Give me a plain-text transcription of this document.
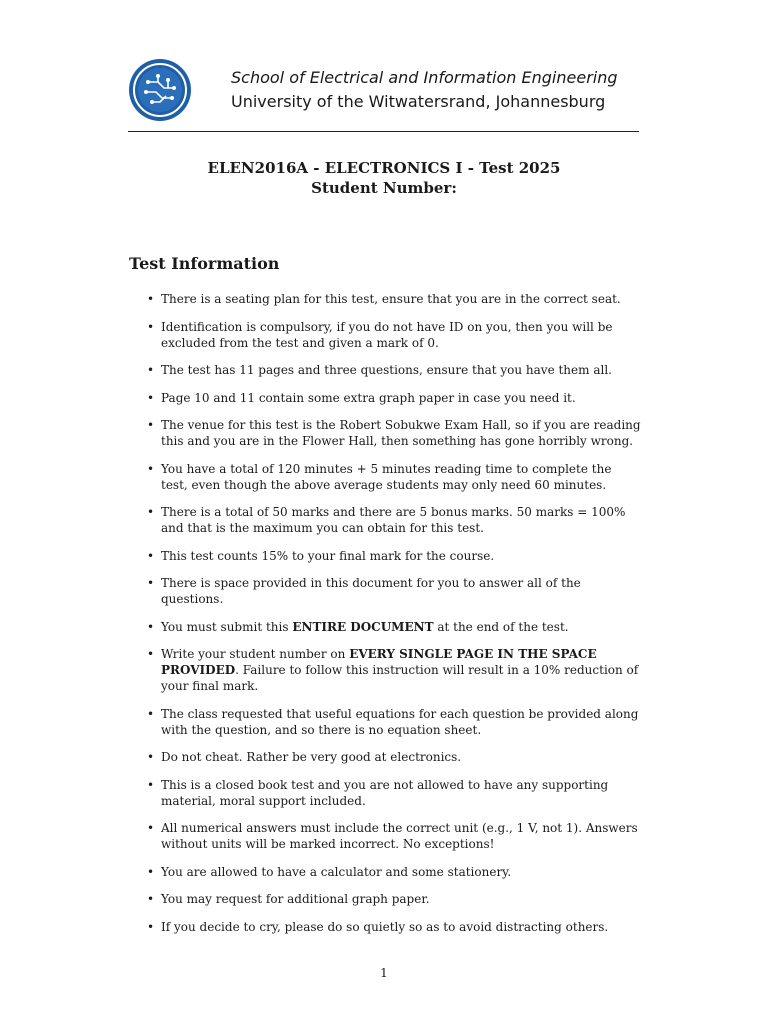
School of Electrical and Information Engineering
University of the Witwatersrand, Johannesburg
ELEN2016A - ELECTRONICS I - Test 2025
Student Number:
Test Information
• There is a seating plan for this test, ensure that you are in the correct seat.
• Identification is compulsory, if you do not have ID on you, then you will be excluded from the test and given a mark of 0.
• The test has 11 pages and three questions, ensure that you have them all.
• Page 10 and 11 contain some extra graph paper in case you need it.
• The venue for this test is the Robert Sobukwe Exam Hall, so if you are reading this and you are in the Flower Hall, then something has gone horribly wrong.
• You have a total of 120 minutes + 5 minutes reading time to complete the test, even though the above average students may only need 60 minutes.
• There is a total of 50 marks and there are 5 bonus marks. 50 marks = 100% and that is the maximum you can obtain for this test.
• This test counts 15% to your final mark for the course.
• There is space provided in this document for you to answer all of the questions.
• You must submit this ENTIRE DOCUMENT at the end of the test.
• Write your student number on EVERY SINGLE PAGE IN THE SPACE PROVIDED. Failure to follow this instruction will result in a 10% reduction of your final mark.
• The class requested that useful equations for each question be provided along with the question, and so there is no equation sheet.
• Do not cheat. Rather be very good at electronics.
• This is a closed book test and you are not allowed to have any supporting material, moral support included.
• All numerical answers must include the correct unit (e.g., 1 V, not 1). Answers without units will be marked incorrect. No exceptions!
• You are allowed to have a calculator and some stationery.
• You may request for additional graph paper.
• If you decide to cry, please do so quietly so as to avoid distracting others.
1
